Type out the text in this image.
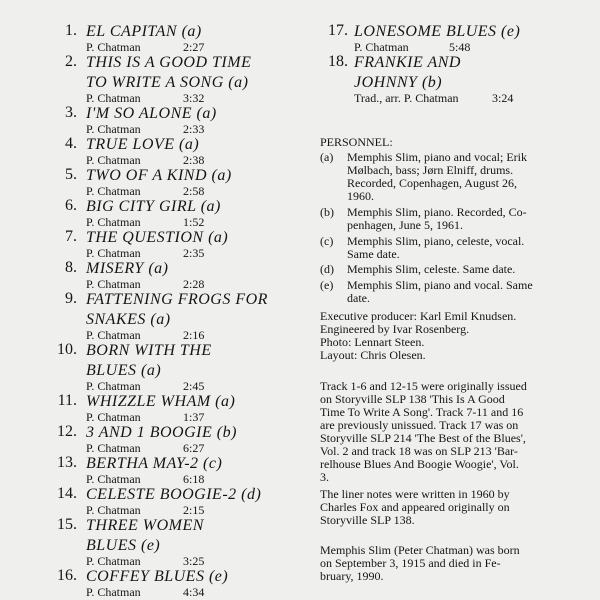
1. EL CAPITAN (a)
P. Chatman	2:27
2. THIS IS A GOOD TIME
TO WRITE A SONG (a)
P. Chatman	3:32
3. I'M SO ALONE (a)
P. Chatman	2:33
4. TRUE LOVE (a)
P. Chatman	2:38
5. TWO OF A KIND (a)
P. Chatman	2:58
6. BIG CITY GIRL (a)
P. Chatman	1:52
7. THE QUESTION (a)
P. Chatman	2:35
8. MISERY (a)
P. Chatman	2:28
9. FATTENING FROGS FOR
SNAKES (a)
P. Chatman	2:16
10. BORN WITH THE
BLUES (a)
P. Chatman	2:45
11. WHIZZLE WHAM (a)
P. Chatman	1:37
12. 3 AND 1 BOOGIE (b)
P. Chatman	6:27
13. BERTHA MAY-2 (c)
P. Chatman	6:18
14. CELESTE BOOGIE-2 (d)
P. Chatman	2:15
15. THREE WOMEN
BLUES (e)
P. Chatman	3:25
16. COFFEY BLUES (e)
P. Chatman	4:34
17. LONESOME BLUES (e)
P. Chatman	5:48
18. FRANKIE AND
JOHNNY (b)
Trad., arr. P. Chatman	3:24
PERSONNEL:
(a) Memphis Slim, piano and vocal; Erik
Mølbach, bass; Jørn Elniff, drums.
Recorded, Copenhagen, August 26,
1960.
(b) Memphis Slim, piano. Recorded, Co-
penhagen, June 5, 1961.
(c) Memphis Slim, piano, celeste, vocal.
Same date.
(d) Memphis Slim, celeste. Same date.
(e) Memphis Slim, piano and vocal. Same
date.
Executive producer: Karl Emil Knudsen.
Engineered by Ivar Rosenberg.
Photo: Lennart Steen.
Layout: Chris Olesen.
Track 1-6 and 12-15 were originally issued
on Storyville SLP 138 'This Is A Good
Time To Write A Song'. Track 7-11 and 16
are previously unissued. Track 17 was on
Storyville SLP 214 'The Best of the Blues',
Vol. 2 and track 18 was on SLP 213 'Bar-
relhouse Blues And Boogie Woogie', Vol.
3.
The liner notes were written in 1960 by
Charles Fox and appeared originally on
Storyville SLP 138.
Memphis Slim (Peter Chatman) was born
on September 3, 1915 and died in Fe-
bruary, 1990.
